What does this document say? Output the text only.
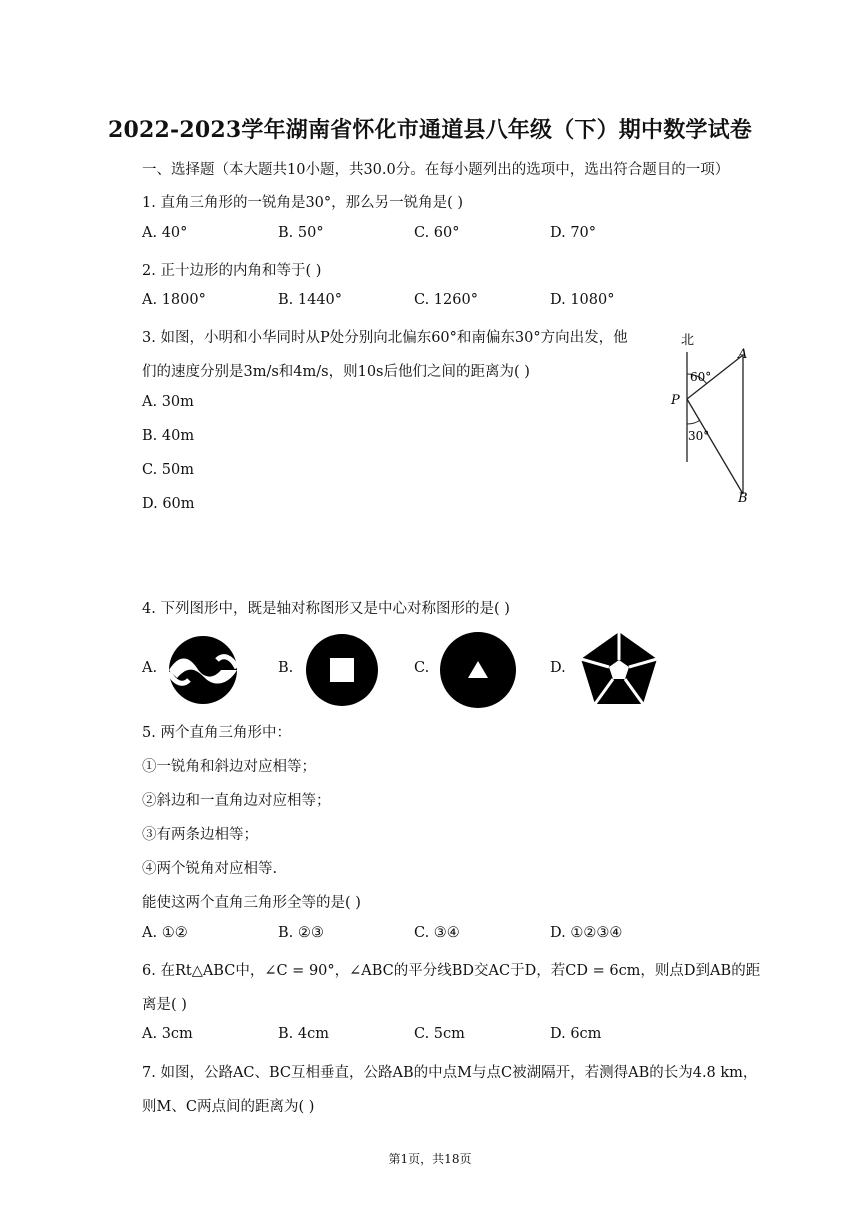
2022-2023学年湖南省怀化市通道县八年级（下）期中数学试卷
一、选择题（本大题共10小题，共30.0分。在每小题列出的选项中，选出符合题目的一项）
1. 直角三角形的一锐角是30°，那么另一锐角是( )
A. 40°	B. 50°	C. 60°	D. 70°
2. 正十边形的内角和等于( )
A. 1800°	B. 1440°	C. 1260°	D. 1080°
3. 如图，小明和小华同时从P处分别向北偏东60°和南偏东30°方向出发，他
们的速度分别是3m/s和4m/s，则10s后他们之间的距离为( )
A. 30m
B. 40m
C. 50m
D. 60m
北
60°
30°
P
A
B
4. 下列图形中，既是轴对称图形又是中心对称图形的是( )
A.	B.	C.	D.
5. 两个直角三角形中：
①一锐角和斜边对应相等；
②斜边和一直角边对应相等；
③有两条边相等；
④两个锐角对应相等.
能使这两个直角三角形全等的是( )
A. ①②	B. ②③	C. ③④	D. ①②③④
6. 在Rt△ABC中，∠C = 90°，∠ABC的平分线BD交AC于D，若CD = 6cm，则点D到AB的距
离是( )
A. 3cm	B. 4cm	C. 5cm	D. 6cm
7. 如图，公路AC、BC互相垂直，公路AB的中点M与点C被湖隔开，若测得AB的长为4.8 km，
则M、C两点间的距离为( )
第1页，共18页
